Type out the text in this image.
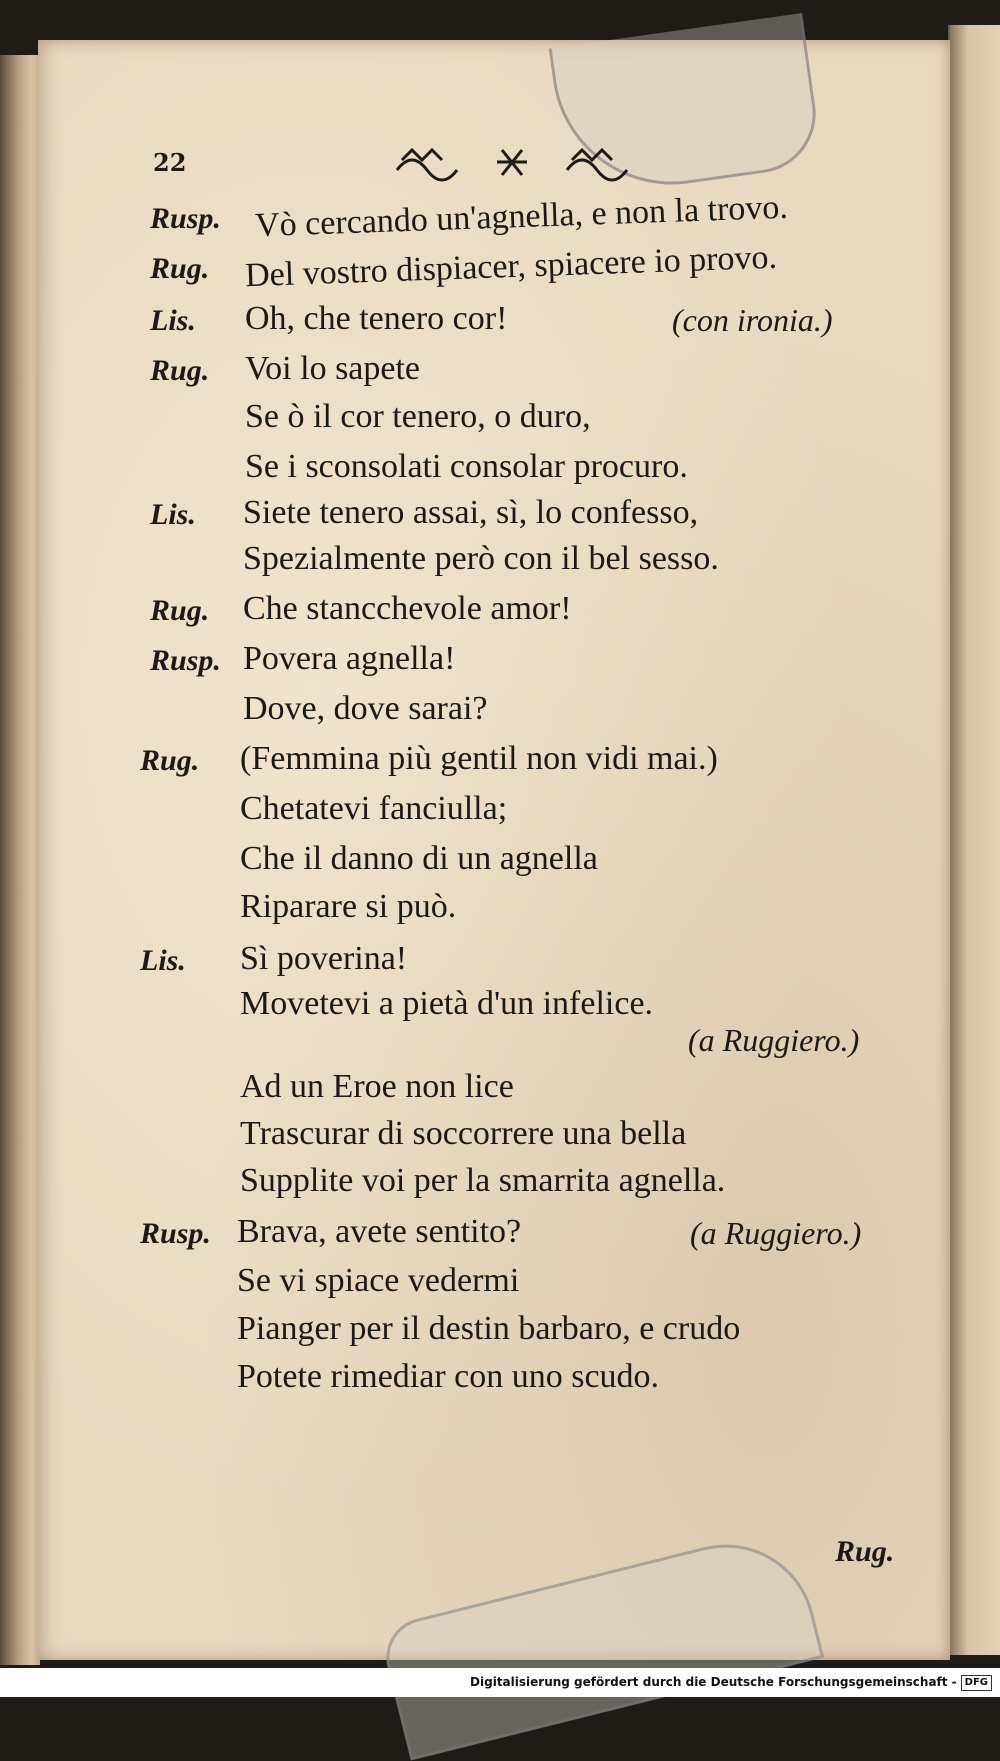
22
Rusp. Vò cercando un'agnella, e non la trovo.
Rug. Del vostro dispiacer, spiacere io provo.
Lis. Oh, che tenero cor!	(con ironia.)
Rug. Voi lo sapete
Se ò il cor tenero, o duro,
Se i sconsolati consolar procuro.
Lis. Siete tenero assai, sì, lo confesso,
Spezialmente però con il bel sesso.
Rug. Che stancchevole amor!
Rusp. Povera agnella!
Dove, dove sarai?
Rug. (Femmina più gentil non vidi mai.)
Chetatevi fanciulla;
Che il danno di un agnella
Riparare si può.
Lis. Sì poverina!
Movetevi a pietà d'un infelice.
(a Ruggiero.)
Ad un Eroe non lice
Trascurar di soccorrere una bella
Supplite voi per la smarrita agnella.
Rusp. Brava, avete sentito?	(a Ruggiero.)
Se vi spiace vedermi
Pianger per il destin barbaro, e crudo
Potete rimediar con uno scudo.
Rug.
Digitalisierung gefördert durch die Deutsche Forschungsgemeinschaft - DFG
